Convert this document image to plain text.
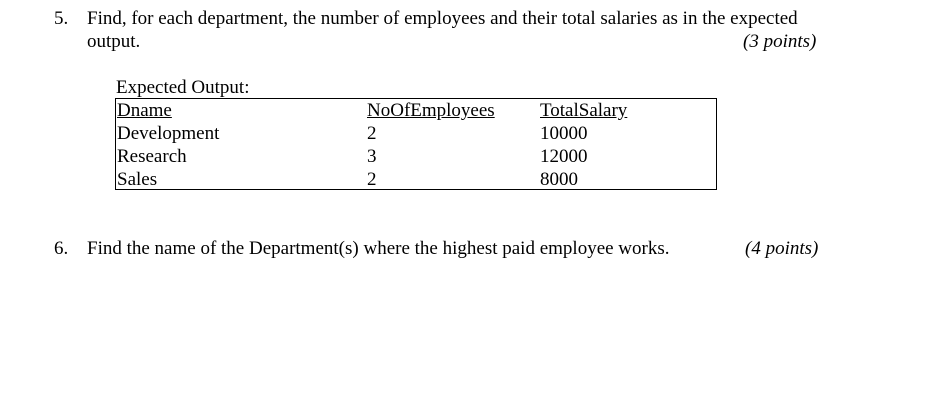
5. Find, for each department, the number of employees and their total salaries as in the expected
output.	(3 points)
Expected Output:
Dname	NoOfEmployees TotalSalary
Development	2	10000
Research	3	12000
Sales	2	8000
6. Find the name of the Department(s) where the highest paid employee works.	(4 points)
